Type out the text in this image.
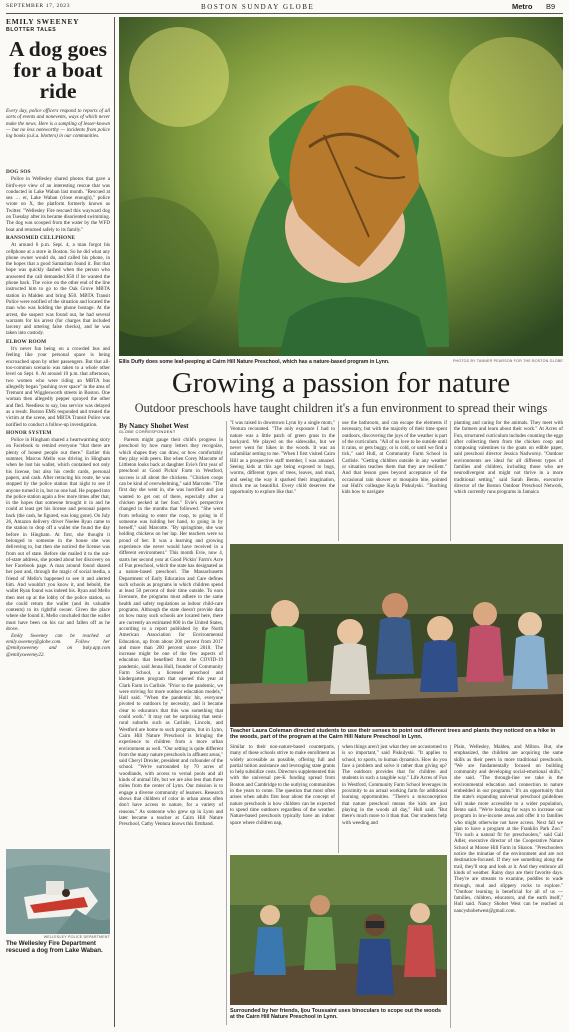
SEPTEMBER 17, 2023	BOSTON SUNDAY GLOBE	Metro B9
EMILY SWEENEY
BLOTTER TALES
A dog goes for a boat ride
Every day, police officers respond to reports of all sorts of events and nonevents, ways of which never make the news. Here is a sampling of lesser-known — but no less noteworthy — incidents from police log books (a.k.a. blotters) in our communities.
DOG SOS

Police in Wellesley shared photos that gave a bird's-eye view of an interesting rescue that was conducted in Lake Waban last month. "Rescued at sea … er, Lake Waban (close enough)," police wrote on X, the platform formerly known as Twitter. "Wellesley Fire rescued this wayward dog on Tuesday after its became disoriented swimming. The dog was scooped from the water by the WFD boat and returned safely to its family."

RANSOMED CELLPHONE

At around 6 p.m. Sept. 4, a man forgot his cellphone at a store in Boston. So he did what any phone owner would do, and called his phone, in the hopes that a good Samaritan found it. But that hope was quickly dashed when the person who answered the call demanded $50 if he wanted the phone back. The voice on the other end of the line instructed him to go to the Oak Grove MBTA station in Malden and bring $50. MBTA Transit Police were notified of the situation and located the man who was holding the phone hostage. At the arrest, the suspect was found out, he had several warrants for his arrest (for charges that included larceny and uttering false checks), and he was taken into custody.

ELBOW ROOM

It's never fun being on a crowded bus and feeling like your personal space is being encroached upon by other passengers. But that all-too-common scenario was taken to a whole other level on Sept. 6. At around 10 p.m. that afternoon, two women who were riding an MBTA bus allegedly began "pushing over space" in the area of Tremont and Wigglesworth streets in Boston. One woman then allegedly pepper sprayed the other and fled. Needless to say, bus service was delayed as a result. Boston EMS responded and treated the victim at the scene, and MBTA Transit Police was notified to conduct a follow-up investigation.

HONOR SYSTEM

Police in Hingham shared a heartwarming story on Facebook to remind everyone "that there are plenty of honest people out there." Earlier this summer, Marcus Mello was driving in Hingham when he lost his wallet, which contained not only his license, but also his credit cards, personal papers, and cash. After retracing his route, he was stopped by the police station that night to see if anyone turned it in, but no one had. He popped into the police station again a few more times after that, in the hopes that someone brought it in and he could at least get his license and personal papers back (the cash, he figured, was long gone). On July 26, Amazon delivery driver Noelee Ryan came to the station to drop off a wallet she found the day before in Hingham. At first, she thought it belonged to someone in the house she was delivering to, but then she noticed the license was from out of state. Before she mailed it to the out-of-state address, she posted about her discovery on her Facebook page. A man around found shared her post and, through the magic of social media, a friend of Mello's happened to see it and alerted him. And wouldn't you know it, and behold, the wallet Ryan found was indeed his. Ryan and Mello then met up at the lobby of the police station, so she could return the wallet (and its valuable contents) to its rightful owner. Given the place where she found it, Mello concluded that the wallet must have been on his car and fallen off as he drove.

Emily Sweeney can be reached at emily.sweeney@globe.com. Follow her @emilysweeney and on bsky.app.com @emilysweeney22.

WELLESLEY POLICE DEPARTMENT
The Wellesley Fire Department rescued a dog from Lake Waban.
Ellis Duffy does some leaf-peeping at Cairn Hill Nature Preschool, which has a nature-based program in Lynn.	PHOTOS BY TANNER PEARSON FOR THE BOSTON GLOBE
Growing a passion for nature
Outdoor preschools have taught children it's a fun environment to spread their wings
By Nancy Shohet West
GLOBE CORRESPONDENT
Parents might gauge their child's progress in preschool by how many letters they recognize, which shapes they can draw, or how comfortably they play with peers. But when Corey Marcotte of Littleton looks back at daughter Evie's first year of preschool at Good Pickin' Farm in Westford, success is all about the chickens. "Chicken coops can be kind of overwhelming," said Marcotte. "The first day she went in, she was horrified and just wanted to get out of there, especially after a chicken pecked at her foot." Evie's perspective changed in the months that followed. "She went from refusing to enter the coop, to going in if someone was holding her hand, to going in by herself," said Marcotte. "By springtime, she was holding chickens on her lap. Her teachers were so proud of her. It was a learning and growing experience she never would have received in a different environment." This month Evie, now 4, starts her second year at Good Pickin' Farm's Acre of Fun preschool, which the state has designated as a nature-based preschool. The Massachusetts Department of Early Education and Care defines such schools as programs in which children spend at least 50 percent of their time outside. To earn licensure, the programs must adhere to the same health and safety regulations as indoor child-care programs. Although the state doesn't provide data on how many such schools are located here, there are currently an estimated 800 in the United States, according to a report published by the North American Association for Environmental Education, up from about 200 percent from 2017 and more than 200 percent since 2010. The increase might be one of the few aspects of education that benefited from the COVID-19 pandemic, said Jenna Hull, founder of Community Farm School, a licensed preschool and kindergarten program that opened this year at Clark Farm in Carlisle. "Prior to the pandemic, we were striving for more outdoor education models," Hull said. "When the pandemic hit, everyone pivoted to outdoors by necessity, and it became clear to educators that this was something that could work." It may not be surprising that semi-rural suburbs such as Carlisle, Lincoln, and Westford are home to such programs, but in Lynn, Cairn Hill Nature Preschool is bringing the experience to children from a more urban environment as well. "Our setting is quite different from the many nature preschools in affluent areas," said Cheryl Drexler, president and cofounder of the school. "We're surrounded by 70 acres of woodlands, with access to vernal pools and all kinds of animal life, but we are also less than three miles from the center of Lynn. Our mission is to engage a diverse community of learners. Research shows that children of color in urban areas often don't have access to nature, for a variety of reasons." As someone who grew up in Lynn and later became a teacher at Cairn Hill Nature Preschool, Cathy Ventura knows this firsthand.
"I was raised in downtown Lynn by a single mom," Ventura recounted. "The only exposure I had to nature was a little patch of green grass in the backyard. We played on the sidewalks, but we never went for hikes in the woods. It was an unfamiliar setting to me. "When I first visited Cairn Hill as a prospective staff member, I was amazed. Seeing kids at this age being exposed to bugs, worms, different types of trees, leaves, and mud, and seeing the way it sparked their imagination, struck me as beautiful. Every child deserves the opportunity to explore like that."
use the bathroom, and can escape the elements if necessary, but with the majority of their time spent outdoors, discovering the joys of the weather is part of the curriculum. "All of us love to be outside until it rains, or gets buggy, or is cold, or until we find a tick," said Hull, at Community Farm School in Carlisle. "Getting children outside in any weather or situation teaches them that they are resilient." And that lesson goes beyond acceptance of the occasional rain shower or mosquito bite, pointed out Hull's colleague Kayla Piskulyski. "Teaching kids how to navigate
planting and caring for the animals. They meet with the farmers and learn about their work." At Acres of Fun, structured curriculum includes counting the eggs after collecting them from the chicken coop and composing valentines to the goats on edible paper, said preschool director Jessica Nadworny. "Outdoor environments are ideal for all different types of families and children, including those who are neurodivergent and might not thrive in a more traditional setting," said Sarah Bento, executive director of the Boston Outdoor Preschool Network, which currently runs programs in Jamaica
Teacher Laura Coleman directed students to use their senses to point out different trees and plants they noticed on a hike in the woods, part of the program at the Cairn Hill Nature Preschool in Lynn.
Similar to their non-nature-based counterparts, many of these schools strive to make enrollment as widely accessible as possible, offering full and partial tuition assistance and leveraging state grants to help subsidize costs. Directors supplemented this with the universal pre-K funding spread from Boston and Cambridge to the outlying communities in the years to come. The question that most often arises when adults first hear about the concept of nature preschools is how children can be expected to spend time outdoors regardless of the weather. Nature-based preschools typically have an indoor space where children nap,
when things aren't just what they are accustomed to is so important," said Piskulyski. "It applies to school, to sports, to human dynamics. How do you face a problem and solve it rather than giving up? The outdoors provides that for children and students in such a tangible way." Life Acres of Fun in Westford, Community Farm School leverages its proximity to an actual working farm for additional learning opportunities. "There's a misconception that nature preschool means the kids are just playing in the woods all day," Hull said. "But there's much more to it than that. Our students help with weeding and
Plain, Wellesley, Malden, and Milton. But, she emphasized, the children are acquiring the same skills as their peers in more traditional preschools. "We are fundamentally focused on building community and developing social-emotional skills," she said. "The through-line we take is the environmental education and connection to nature embedded in our programs." It's an opportunity that the state's expanding universal preschool guidelines will make more accessible to a wider population, Bento said. "We're looking for ways to increase our program in low-income areas and offer it to families who might otherwise not have access. Next fall we plan to have a program at the Franklin Park Zoo." "It's such a natural fit for preschoolers," said Gail Adler, executive director of the Cooperative Nature School at Moose Hill Farm in Sharon. "Preschoolers notice the minutiae of the environment and are not destination-focused. If they see something along the trail, they'll stop and look at it. And they embrace all kinds of weather. Rainy days are their favorite days. They're are streams to examine, puddles to wade through, mud and slippery rocks to explore." "Outdoor learning is beneficial for all of us — families, children, educators, and the earth itself," Hull said. Nancy Shohet West can be reached at nancyshohetwest@gmail.com.
Surrounded by her friends, Ijou Toussaint uses binoculars to scope out the woods at the Cairn Hill Nature Preschool in Lynn.
